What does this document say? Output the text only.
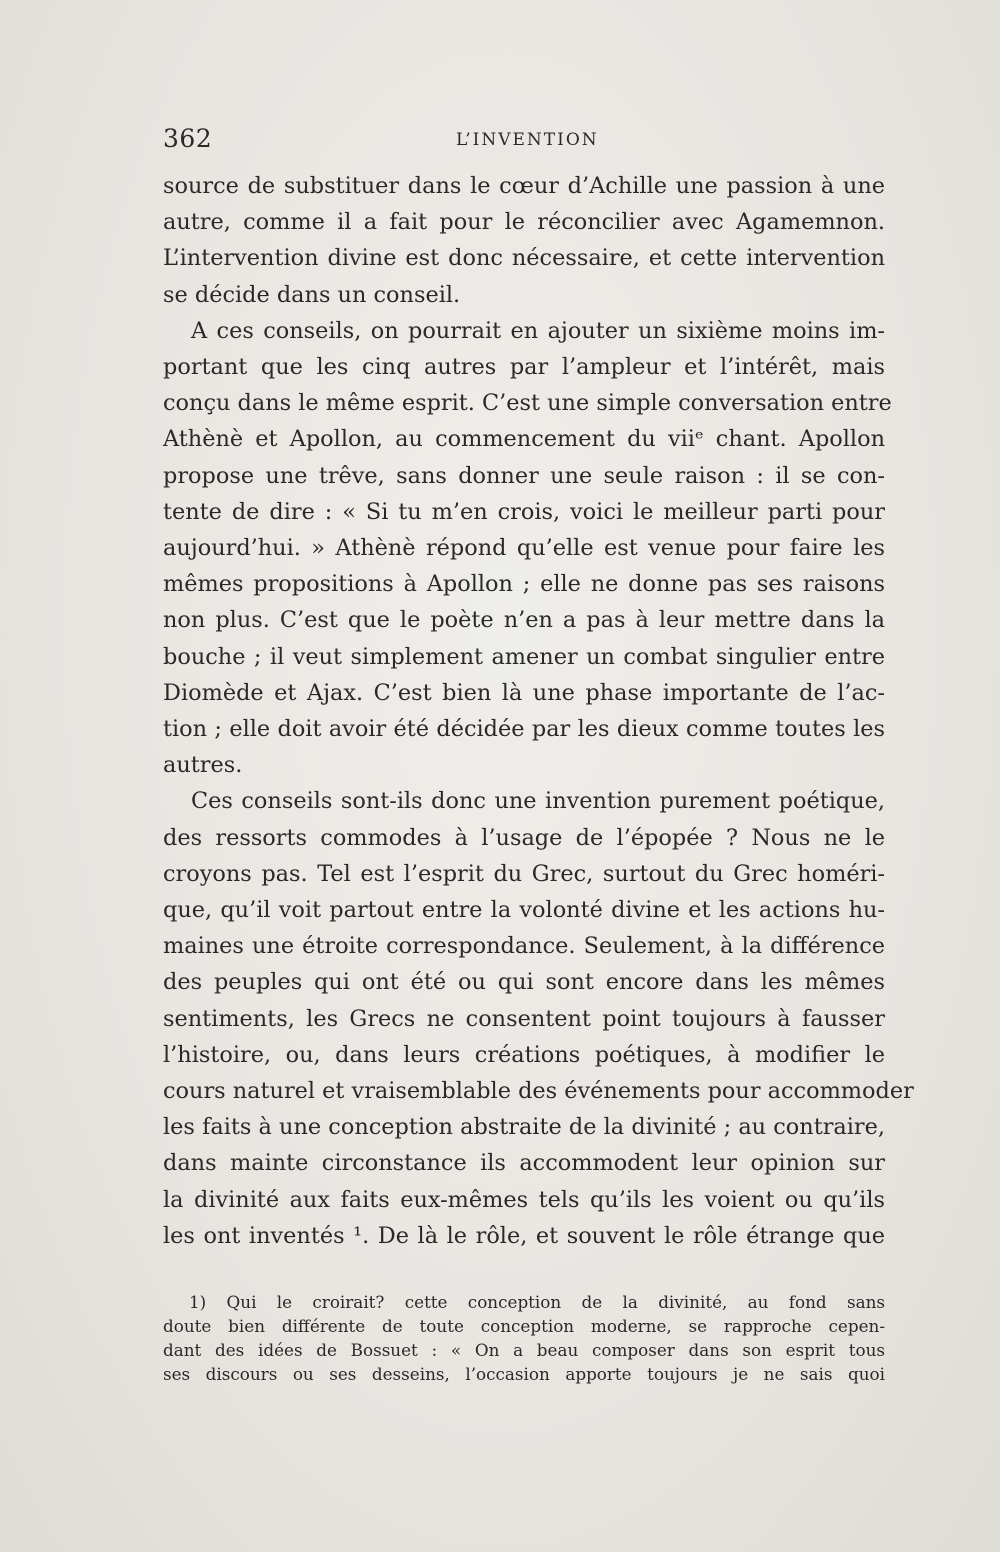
362	L’INVENTION
source de substituer dans le cœur d’Achille une passion à une
autre, comme il a fait pour le réconcilier avec Agamemnon.
L’intervention divine est donc nécessaire, et cette intervention
se décide dans un conseil.
A ces conseils, on pourrait en ajouter un sixième moins im-
portant que les cinq autres par l’ampleur et l’intérêt, mais
conçu dans le même esprit. C’est une simple conversation entre
Athènè et Apollon, au commencement du viiᵉ chant. Apollon
propose une trêve, sans donner une seule raison : il se con-
tente de dire : « Si tu m’en crois, voici le meilleur parti pour
aujourd’hui. » Athènè répond qu’elle est venue pour faire les
mêmes propositions à Apollon ; elle ne donne pas ses raisons
non plus. C’est que le poète n’en a pas à leur mettre dans la
bouche ; il veut simplement amener un combat singulier entre
Diomède et Ajax. C’est bien là une phase importante de l’ac-
tion ; elle doit avoir été décidée par les dieux comme toutes les
autres.
Ces conseils sont-ils donc une invention purement poétique,
des ressorts commodes à l’usage de l’épopée ? Nous ne le
croyons pas. Tel est l’esprit du Grec, surtout du Grec homéri-
que, qu’il voit partout entre la volonté divine et les actions hu-
maines une étroite correspondance. Seulement, à la différence
des peuples qui ont été ou qui sont encore dans les mêmes
sentiments, les Grecs ne consentent point toujours à fausser
l’histoire, ou, dans leurs créations poétiques, à modifier le
cours naturel et vraisemblable des événements pour accommoder
les faits à une conception abstraite de la divinité ; au contraire,
dans mainte circonstance ils accommodent leur opinion sur
la divinité aux faits eux-mêmes tels qu’ils les voient ou qu’ils
les ont inventés ¹. De là le rôle, et souvent le rôle étrange que
1) Qui le croirait? cette conception de la divinité, au fond sans
doute bien différente de toute conception moderne, se rapproche cepen-
dant des idées de Bossuet : « On a beau composer dans son esprit tous
ses discours ou ses desseins, l’occasion apporte toujours je ne sais quoi
